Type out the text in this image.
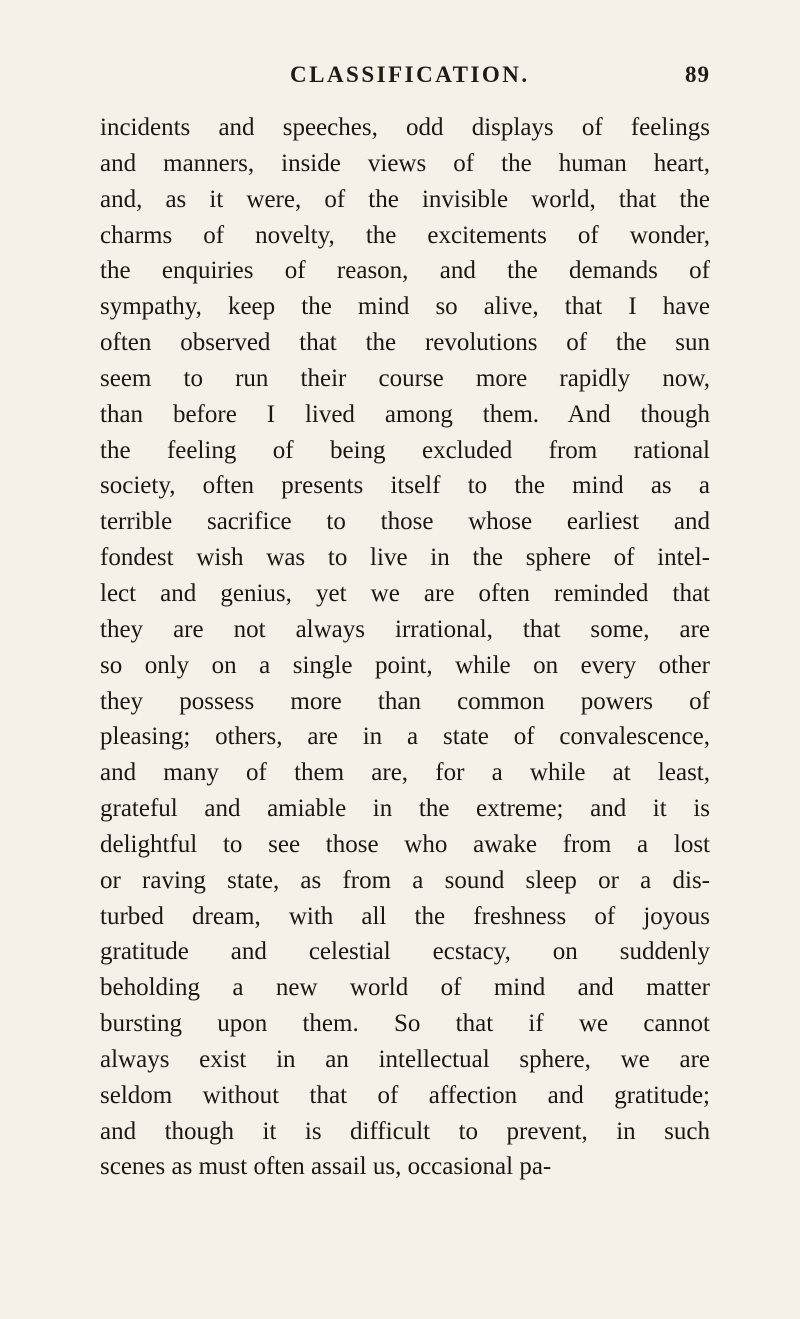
CLASSIFICATION.	89
incidents and speeches, odd displays of feelings
and manners, inside views of the human heart,
and, as it were, of the invisible world, that the
charms of novelty, the excitements of wonder,
the enquiries of reason, and the demands of
sympathy, keep the mind so alive, that I have
often observed that the revolutions of the sun
seem to run their course more rapidly now,
than before I lived among them. And though
the feeling of being excluded from rational
society, often presents itself to the mind as a
terrible sacrifice to those whose earliest and
fondest wish was to live in the sphere of intel-
lect and genius, yet we are often reminded that
they are not always irrational, that some, are
so only on a single point, while on every other
they possess more than common powers of
pleasing; others, are in a state of convalescence,
and many of them are, for a while at least,
grateful and amiable in the extreme; and it is
delightful to see those who awake from a lost
or raving state, as from a sound sleep or a dis-
turbed dream, with all the freshness of joyous
gratitude and celestial ecstacy, on suddenly
beholding a new world of mind and matter
bursting upon them. So that if we cannot
always exist in an intellectual sphere, we are
seldom without that of affection and gratitude;
and though it is difficult to prevent, in such
scenes as must often assail us, occasional pa-
